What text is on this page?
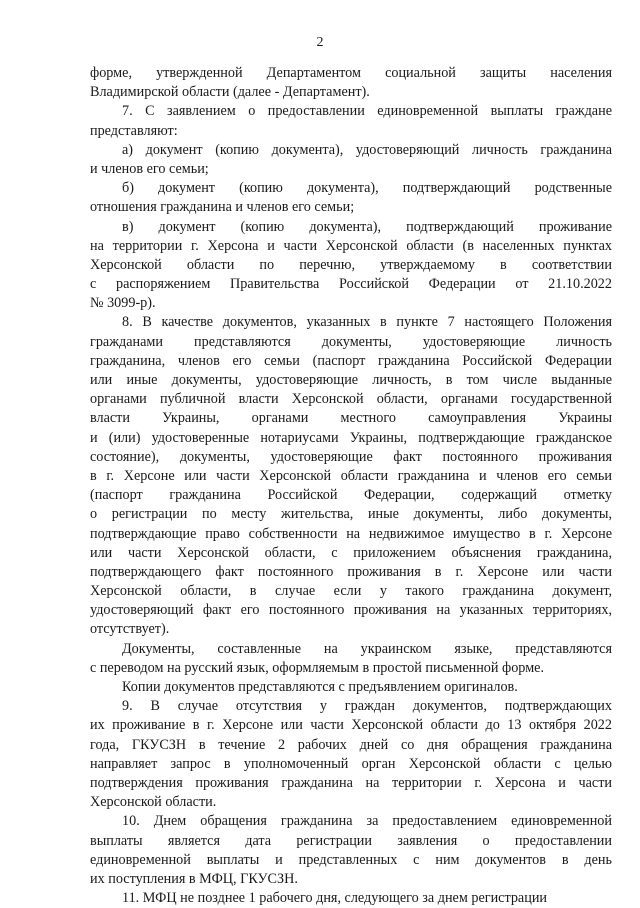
2
форме, утвержденной Департаментом социальной защиты населения
Владимирской области (далее - Департамент).
7. С заявлением о предоставлении единовременной выплаты граждане
представляют:
а) документ (копию документа), удостоверяющий личность гражданина
и членов его семьи;
б) документ (копию документа), подтверждающий родственные
отношения гражданина и членов его семьи;
в) документ (копию документа), подтверждающий проживание
на территории г. Херсона и части Херсонской области (в населенных пунктах
Херсонской области по перечню, утверждаемому в соответствии
с распоряжением Правительства Российской Федерации от 21.10.2022
№ 3099-р).
8. В качестве документов, указанных в пункте 7 настоящего Положения
гражданами представляются документы, удостоверяющие личность
гражданина, членов его семьи (паспорт гражданина Российской Федерации
или иные документы, удостоверяющие личность, в том числе выданные
органами публичной власти Херсонской области, органами государственной
власти Украины, органами местного самоуправления Украины
и (или) удостоверенные нотариусами Украины, подтверждающие гражданское
состояние), документы, удостоверяющие факт постоянного проживания
в г. Херсоне или части Херсонской области гражданина и членов его семьи
(паспорт гражданина Российской Федерации, содержащий отметку
о регистрации по месту жительства, иные документы, либо документы,
подтверждающие право собственности на недвижимое имущество в г. Херсоне
или части Херсонской области, с приложением объяснения гражданина,
подтверждающего факт постоянного проживания в г. Херсоне или части
Херсонской области, в случае если у такого гражданина документ,
удостоверяющий факт его постоянного проживания на указанных территориях,
отсутствует).
Документы, составленные на украинском языке, представляются
с переводом на русский язык, оформляемым в простой письменной форме.
Копии документов представляются с предъявлением оригиналов.
9. В случае отсутствия у граждан документов, подтверждающих
их проживание в г. Херсоне или части Херсонской области до 13 октября 2022
года, ГКУСЗН в течение 2 рабочих дней со дня обращения гражданина
направляет запрос в уполномоченный орган Херсонской области с целью
подтверждения проживания гражданина на территории г. Херсона и части
Херсонской области.
10. Днем обращения гражданина за предоставлением единовременной
выплаты является дата регистрации заявления о предоставлении
единовременной выплаты и представленных с ним документов в день
их поступления в МФЦ, ГКУСЗН.
11. МФЦ не позднее 1 рабочего дня, следующего за днем регистрации
